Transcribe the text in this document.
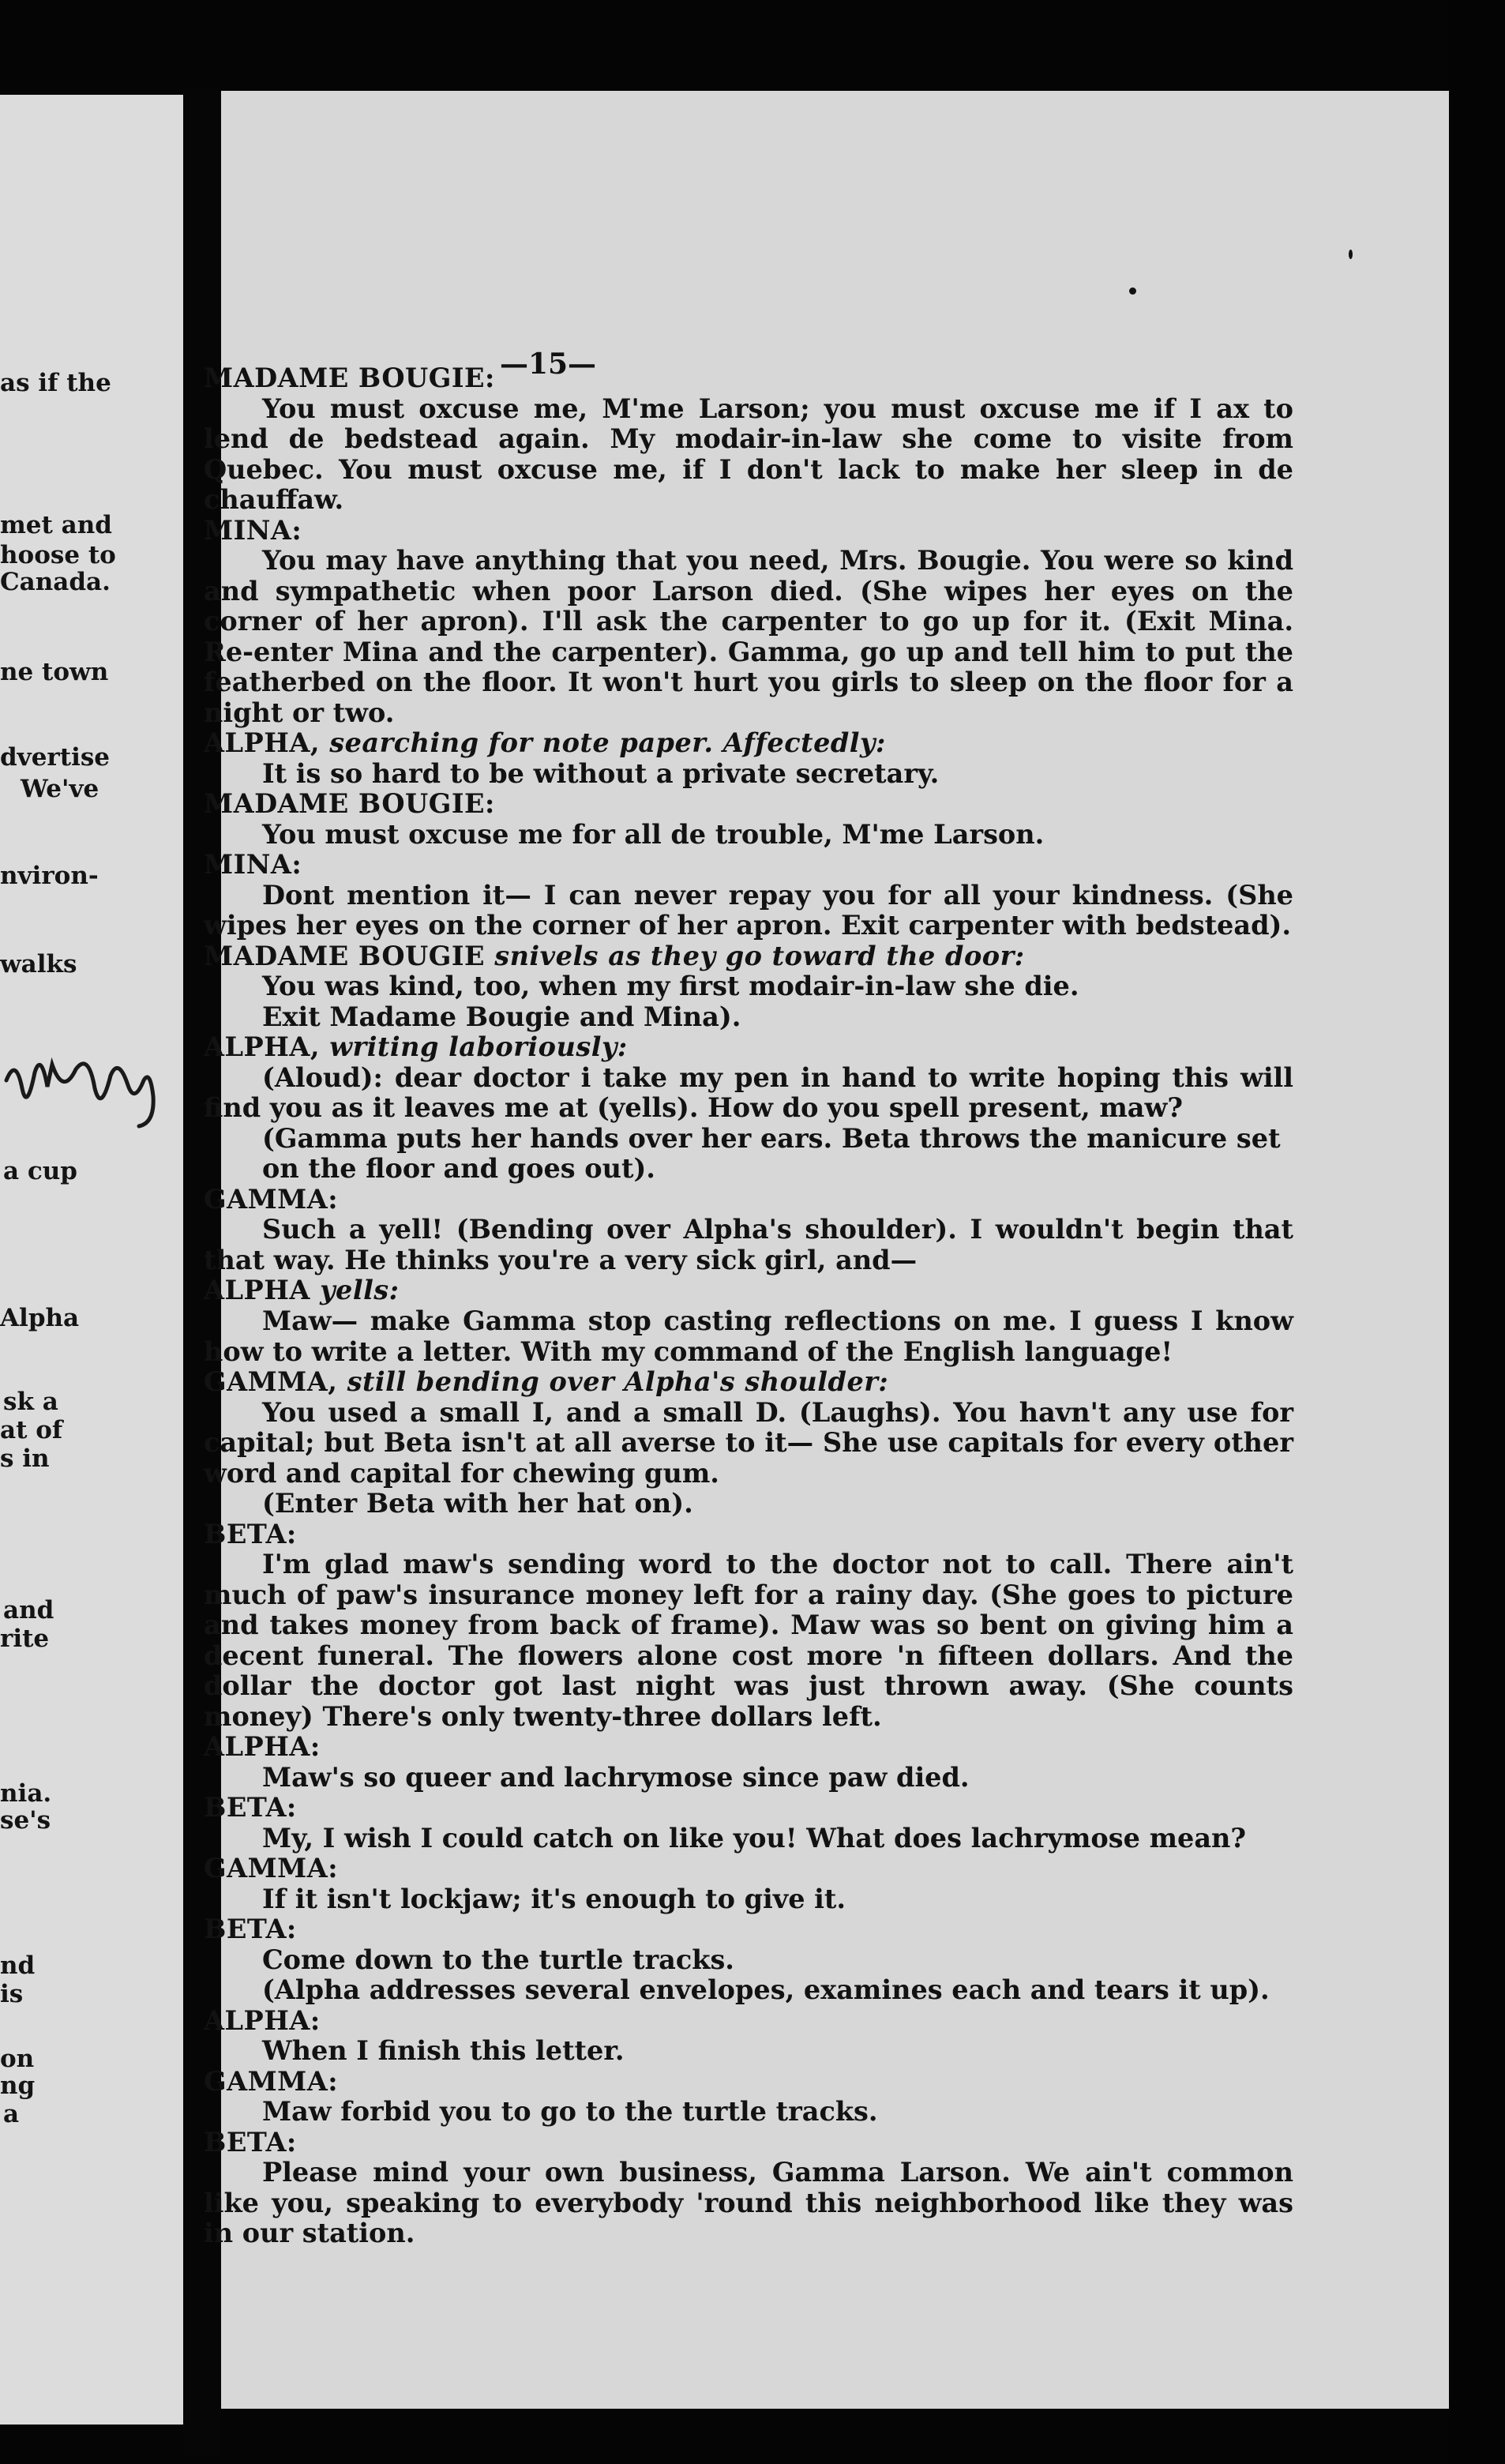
as if the
met and
hoose to
Canada.
ne town
dvertise
We've
nviron-
walks
a cup
Alpha
sk a
at of
s in
and
rite
nia.
se's
nd
is
on
ng
a
—15—
MADAME BOUGIE:
You must oxcuse me, M'me Larson; you must oxcuse me if I ax to lend de bedstead again. My modair-in-law she come to visite from Quebec. You must oxcuse me, if I don't lack to make her sleep in de chauffaw.
MINA:
You may have anything that you need, Mrs. Bougie. You were so kind and sympathetic when poor Larson died. (She wipes her eyes on the corner of her apron). I'll ask the carpenter to go up for it. (Exit Mina. Re-enter Mina and the carpenter). Gamma, go up and tell him to put the featherbed on the floor. It won't hurt you girls to sleep on the floor for a night or two.
ALPHA, searching for note paper. Affectedly:
It is so hard to be without a private secretary.
MADAME BOUGIE:
You must oxcuse me for all de trouble, M'me Larson.
MINA:
Dont mention it— I can never repay you for all your kindness. (She wipes her eyes on the corner of her apron. Exit carpenter with bedstead).
MADAME BOUGIE snivels as they go toward the door:
You was kind, too, when my first modair-in-law she die.
Exit Madame Bougie and Mina).
ALPHA, writing laboriously:
(Aloud): dear doctor i take my pen in hand to write hoping this will find you as it leaves me at (yells). How do you spell present, maw?
(Gamma puts her hands over her ears. Beta throws the manicure set on the floor and goes out).
GAMMA:
Such a yell! (Bending over Alpha's shoulder). I wouldn't begin that that way. He thinks you're a very sick girl, and—
ALPHA yells:
Maw— make Gamma stop casting reflections on me. I guess I know how to write a letter. With my command of the English language!
GAMMA, still bending over Alpha's shoulder:
You used a small I, and a small D. (Laughs). You havn't any use for capital; but Beta isn't at all averse to it— She use capitals for every other word and capital for chewing gum.
(Enter Beta with her hat on).
BETA:
I'm glad maw's sending word to the doctor not to call. There ain't much of paw's insurance money left for a rainy day. (She goes to picture and takes money from back of frame). Maw was so bent on giving him a decent funeral. The flowers alone cost more 'n fifteen dollars. And the dollar the doctor got last night was just thrown away. (She counts money) There's only twenty-three dollars left.
ALPHA:
Maw's so queer and lachrymose since paw died.
BETA:
My, I wish I could catch on like you! What does lachrymose mean?
GAMMA:
If it isn't lockjaw; it's enough to give it.
BETA:
Come down to the turtle tracks.
(Alpha addresses several envelopes, examines each and tears it up).
ALPHA:
When I finish this letter.
GAMMA:
Maw forbid you to go to the turtle tracks.
BETA:
Please mind your own business, Gamma Larson. We ain't common like you, speaking to everybody 'round this neighborhood like they was in our station.
